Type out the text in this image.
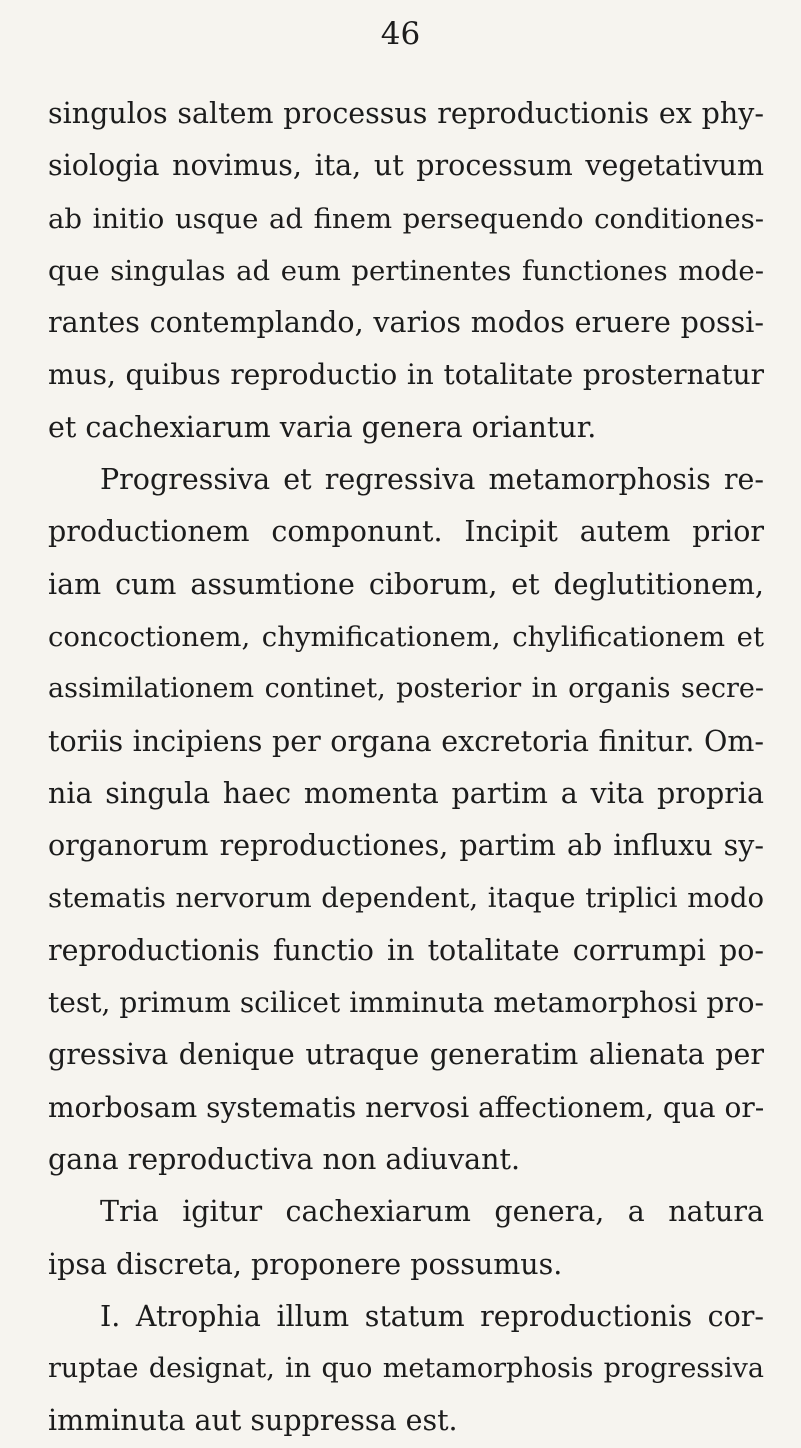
46
singulos saltem processus reproductionis ex phy-
siologia novimus, ita, ut processum vegetativum
ab initio usque ad finem persequendo conditiones-
que singulas ad eum pertinentes functiones mode-
rantes contemplando, varios modos eruere possi-
mus, quibus reproductio in totalitate prosternatur
et cachexiarum varia genera oriantur.
Progressiva et regressiva metamorphosis re-
productionem componunt. Incipit autem prior
iam cum assumtione ciborum, et deglutitionem,
concoctionem, chymificationem, chylificationem et
assimilationem continet, posterior in organis secre-
toriis incipiens per organa excretoria finitur. Om-
nia singula haec momenta partim a vita propria
organorum reproductiones, partim ab influxu sy-
stematis nervorum dependent, itaque triplici modo
reproductionis functio in totalitate corrumpi po-
test, primum scilicet imminuta metamorphosi pro-
gressiva denique utraque generatim alienata per
morbosam systematis nervosi affectionem, qua or-
gana reproductiva non adiuvant.
Tria igitur cachexiarum genera, a natura
ipsa discreta, proponere possumus.
I. Atrophia illum statum reproductionis cor-
ruptae designat, in quo metamorphosis progressiva
imminuta aut suppressa est.
